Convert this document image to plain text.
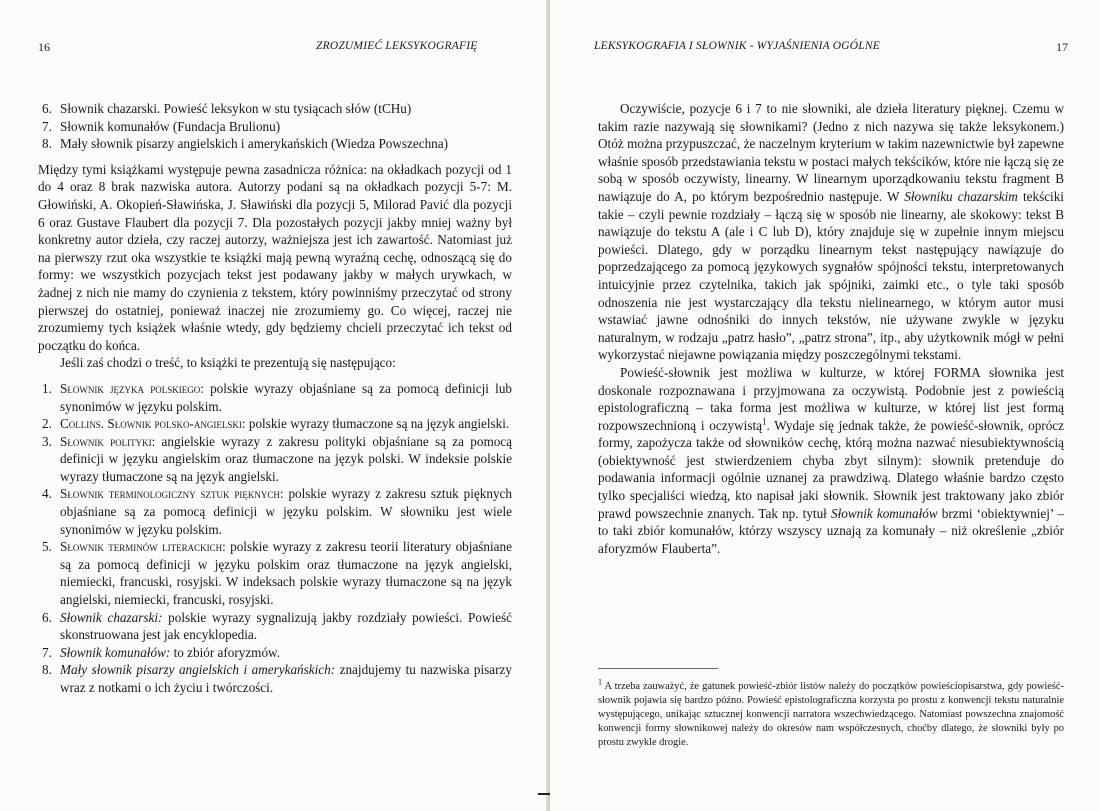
16	ZROZUMIEĆ LEKSYKOGRAFIĘ
6. Słownik chazarski. Powieść leksykon w stu tysiącach słów (tCHu)
7. Słownik komunałów (Fundacja Brulionu)
8. Mały słownik pisarzy angielskich i amerykańskich (Wiedza Powszechna)

Między tymi książkami występuje pewna zasadnicza różnica: na okładkach pozycji od 1 do 4 oraz 8 brak nazwiska autora. Autorzy podani są na okładkach pozycji 5-7: M. Głowiński, A. Okopień-Sławińska, J. Sławiński dla pozycji 5, Milorad Pavić dla pozycji 6 oraz Gustave Flaubert dla pozycji 7. Dla pozostałych pozycji jakby mniej ważny był konkretny autor dzieła, czy raczej autorzy, ważniejsza jest ich zawartość. Natomiast już na pierwszy rzut oka wszystkie te książki mają pewną wyraźną cechę, odnoszącą się do formy: we wszystkich pozycjach tekst jest podawany jakby w małych urywkach, w żadnej z nich nie mamy do czynienia z tekstem, który powinniśmy przeczytać od strony pierwszej do ostatniej, ponieważ inaczej nie zrozumiemy go. Co więcej, raczej nie zrozumiemy tych książek właśnie wtedy, gdy będziemy chcieli przeczytać ich tekst od początku do końca.

Jeśli zaś chodzi o treść, to książki te prezentują się następująco:

1. Słownik języka polskiego: polskie wyrazy objaśniane są za pomocą definicji lub synonimów w języku polskim.
2. Collins. Słownik polsko-angielski: polskie wyrazy tłumaczone są na język angielski.
3. Słownik polityki: angielskie wyrazy z zakresu polityki objaśniane są za pomocą definicji w języku angielskim oraz tłumaczone na język polski. W indeksie polskie wyrazy tłumaczone są na język angielski.
4. Słownik terminologiczny sztuk pięknych: polskie wyrazy z zakresu sztuk pięknych objaśniane są za pomocą definicji w języku polskim. W słowniku jest wiele synonimów w języku polskim.
5. Słownik terminów literackich: polskie wyrazy z zakresu teorii literatury objaśniane są za pomocą definicji w języku polskim oraz tłumaczone na język angielski, niemiecki, francuski, rosyjski. W indeksach polskie wyrazy tłumaczone są na język angielski, niemiecki, francuski, rosyjski.
6. Słownik chazarski: polskie wyrazy sygnalizują jakby rozdziały powieści. Powieść skonstruowana jest jak encyklopedia.
7. Słownik komunałów: to zbiór aforyzmów.
8. Mały słownik pisarzy angielskich i amerykańskich: znajdujemy tu nazwiska pisarzy wraz z notkami o ich życiu i twórczości.
LEKSYKOGRAFIA I SŁOWNIK - WYJAŚNIENIA OGÓLNE	17

Oczywiście, pozycje 6 i 7 to nie słowniki, ale dzieła literatury pięknej. Czemu w takim razie nazywają się słownikami? (Jedno z nich nazywa się także leksykonem.) Otóż można przypuszczać, że naczelnym kryterium w takim nazewnictwie był zapewne właśnie sposób przedstawiania tekstu w postaci małych tekścików, które nie łączą się ze sobą w sposób oczywisty, linearny. W linearnym uporządkowaniu tekstu fragment B nawiązuje do A, po którym bezpośrednio następuje. W Słowniku chazarskim tekściki takie – czyli pewnie rozdziały – łączą się w sposób nie linearny, ale skokowy: tekst B nawiązuje do tekstu A (ale i C lub D), który znajduje się w zupełnie innym miejscu powieści. Dlatego, gdy w porządku linearnym tekst następujący nawiązuje do poprzedzającego za pomocą językowych sygnałów spójności tekstu, interpretowanych intuicyjnie przez czytelnika, takich jak spójniki, zaimki etc., o tyle taki sposób odnoszenia nie jest wystarczający dla tekstu nielinearnego, w którym autor musi wstawiać jawne odnośniki do innych tekstów, nie używane zwykle w języku naturalnym, w rodzaju „patrz hasło”, „patrz strona”, itp., aby użytkownik mógł w pełni wykorzystać niejawne powiązania między poszczególnymi tekstami.

Powieść-słownik jest możliwa w kulturze, w której FORMA słownika jest doskonale rozpoznawana i przyjmowana za oczywistą. Podobnie jest z powieścią epistolograficzną – taka forma jest możliwa w kulturze, w której list jest formą rozpowszechnioną i oczywistą$^1$. Wydaje się jednak także, że powieść-słownik, oprócz formy, zapożycza także od słowników cechę, którą można nazwać niesubiektywnością (obiektywność jest stwierdzeniem chyba zbyt silnym): słownik pretenduje do podawania informacji ogólnie uznanej za prawdziwą. Dlatego właśnie bardzo często tylko specjaliści wiedzą, kto napisał jaki słownik. Słownik jest traktowany jako zbiór prawd powszechnie znanych. Tak np. tytuł Słownik komunałów brzmi ‘obiektywniej’ – to taki zbiór komunałów, którzy wszyscy uznają za komunały – niż określenie „zbiór aforyzmów Flauberta”.

$^1$ A trzeba zauważyć, że gatunek powieść-zbiór listów należy do początków powieściopisarstwa, gdy powieść-słownik pojawia się bardzo późno. Powieść epistolograficzna korzysta po prostu z konwencji tekstu naturalnie występującego, unikając sztucznej konwencji narratora wszechwiedzącego. Natomiast powszechna znajomość konwencji formy słownikowej należy do okresów nam współczesnych, choćby dlatego, że słowniki były po prostu zwykle drogie.
